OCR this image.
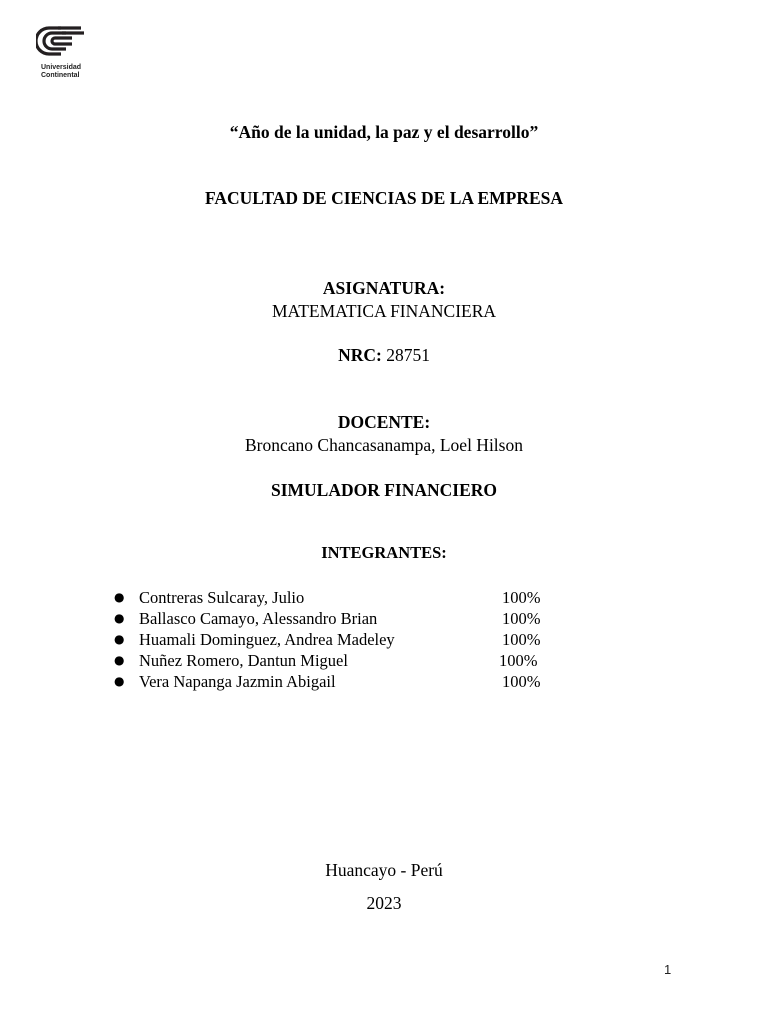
Universidad
Continental
“Año de la unidad, la paz y el desarrollo”
FACULTAD DE CIENCIAS DE LA EMPRESA
ASIGNATURA:
MATEMATICA FINANCIERA
NRC: 28751
DOCENTE:
Broncano Chancasanampa, Loel Hilson
SIMULADOR FINANCIERO
INTEGRANTES:
● Contreras Sulcaray, Julio	100%
● Ballasco Camayo, Alessandro Brian	100%
● Huamali Dominguez, Andrea Madeley	100%
● Nuñez Romero, Dantun Miguel	100%
● Vera Napanga Jazmin Abigail	100%
Huancayo - Perú
2023
1
